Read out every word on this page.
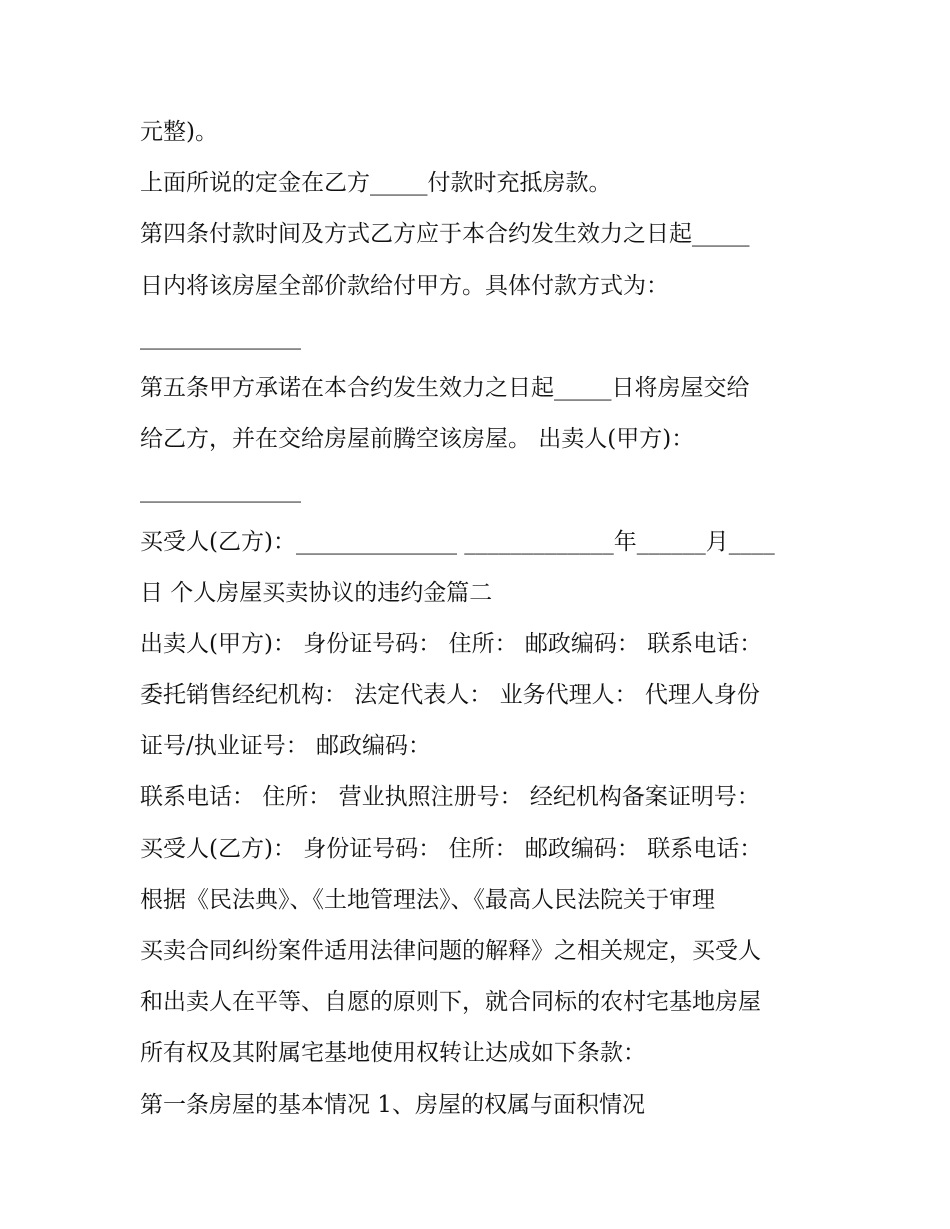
元整)。
上面所说的定金在乙方_____付款时充抵房款。
第四条付款时间及方式乙方应于本合约发生效力之日起_____
日内将该房屋全部价款给付甲方。具体付款方式为：
______________
第五条甲方承诺在本合约发生效力之日起_____日将房屋交给
给乙方，并在交给房屋前腾空该房屋。 出卖人(甲方)：
______________
买受人(乙方)：______________ _____________年______月____
日 个人房屋买卖协议的违约金篇二
出卖人(甲方)： 身份证号码： 住所： 邮政编码： 联系电话：
委托销售经纪机构： 法定代表人： 业务代理人： 代理人身份
证号/执业证号： 邮政编码：
联系电话： 住所： 营业执照注册号： 经纪机构备案证明号：
买受人(乙方)： 身份证号码： 住所： 邮政编码： 联系电话：
根据《民法典》、《土地管理法》、《最高人民法院关于审理
买卖合同纠纷案件适用法律问题的解释》之相关规定，买受人
和出卖人在平等、自愿的原则下，就合同标的农村宅基地房屋
所有权及其附属宅基地使用权转让达成如下条款：
第一条房屋的基本情况 1、房屋的权属与面积情况
